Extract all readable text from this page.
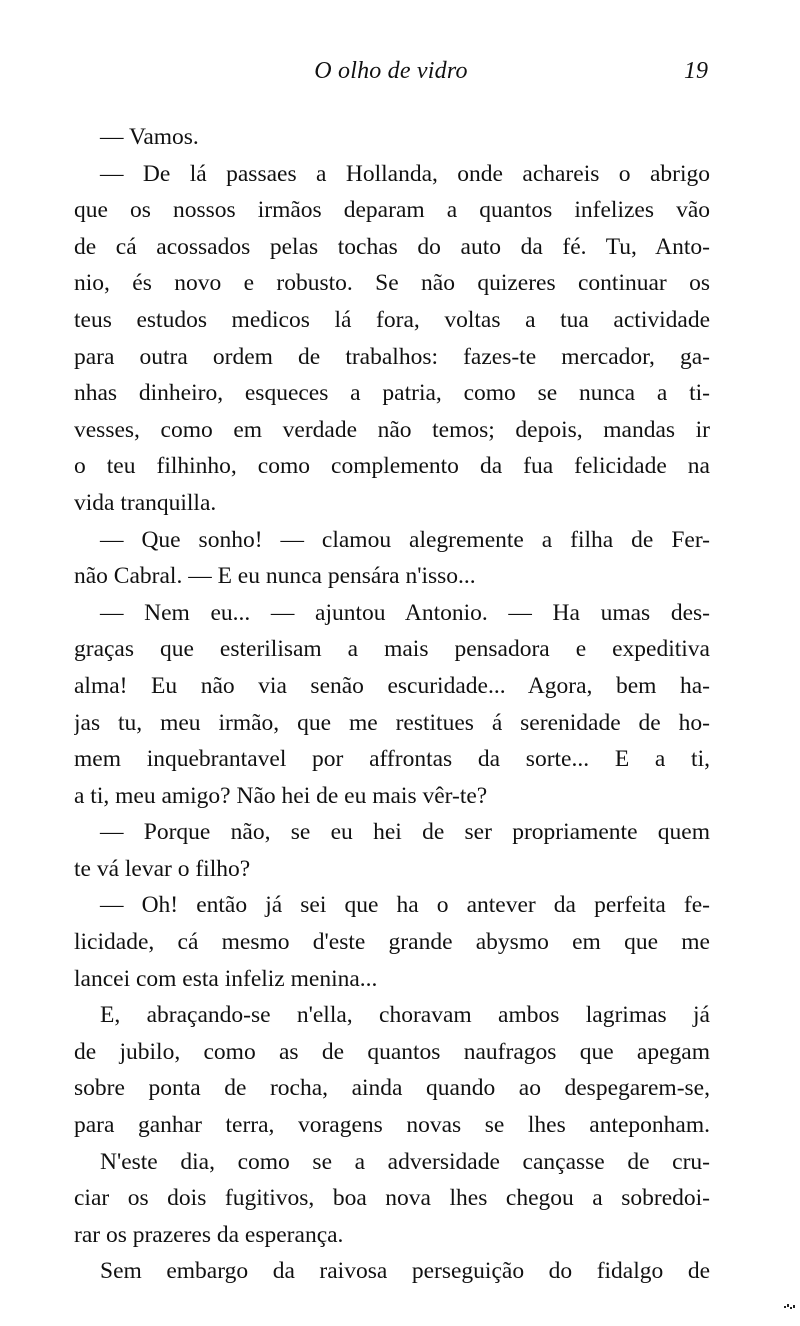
O olho de vidro	19
— Vamos.
— De lá passaes a Hollanda, onde achareis o abrigo
que os nossos irmãos deparam a quantos infelizes vão
de cá acossados pelas tochas do auto da fé. Tu, Anto-
nio, és novo e robusto. Se não quizeres continuar os
teus estudos medicos lá fora, voltas a tua actividade
para outra ordem de trabalhos: fazes-te mercador, ga-
nhas dinheiro, esqueces a patria, como se nunca a ti-
vesses, como em verdade não temos; depois, mandas ir
o teu filhinho, como complemento da fua felicidade na
vida tranquilla.
— Que sonho! — clamou alegremente a filha de Fer-
não Cabral. — E eu nunca pensára n'isso...
— Nem eu... — ajuntou Antonio. — Ha umas des-
graças que esterilisam a mais pensadora e expeditiva
alma! Eu não via senão escuridade... Agora, bem ha-
jas tu, meu irmão, que me restitues á serenidade de ho-
mem inquebrantavel por affrontas da sorte... E a ti,
a ti, meu amigo? Não hei de eu mais vêr-te?
— Porque não, se eu hei de ser propriamente quem
te vá levar o filho?
— Oh! então já sei que ha o antever da perfeita fe-
licidade, cá mesmo d'este grande abysmo em que me
lancei com esta infeliz menina...
E, abraçando-se n'ella, choravam ambos lagrimas já
de jubilo, como as de quantos naufragos que apegam
sobre ponta de rocha, ainda quando ao despegarem-se,
para ganhar terra, voragens novas se lhes anteponham.
N'este dia, como se a adversidade cançasse de cru-
ciar os dois fugitivos, boa nova lhes chegou a sobredoi-
rar os prazeres da esperança.
Sem embargo da raivosa perseguição do fidalgo de
